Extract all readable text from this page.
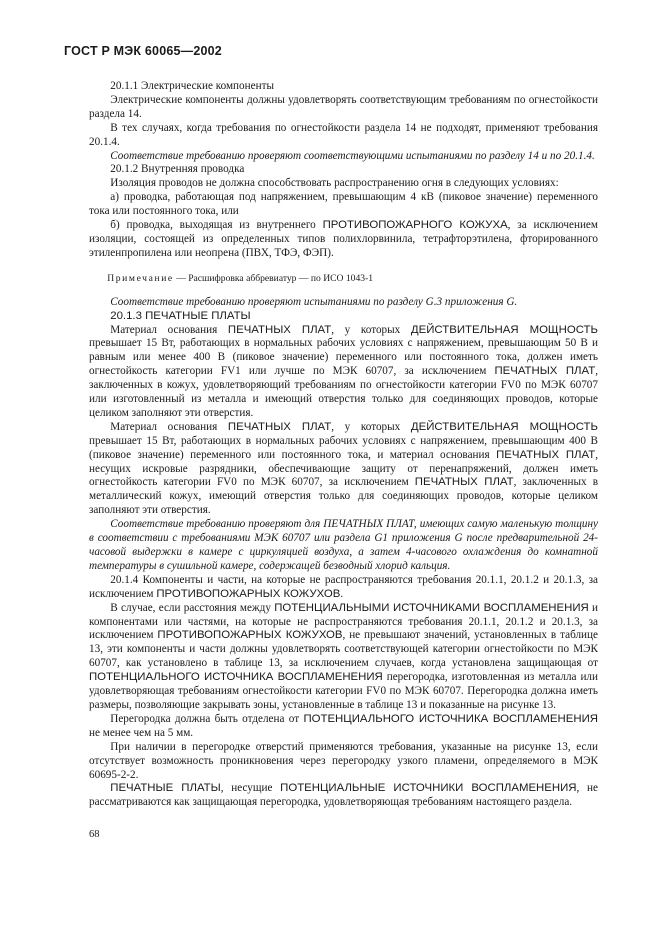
ГОСТ Р МЭК 60065—2002

20.1.1 Электрические компоненты

Электрические компоненты должны удовлетворять соответствующим требованиям по огнестойкости раздела 14.

В тех случаях, когда требования по огнестойкости раздела 14 не подходят, применяют требования 20.1.4.

Соответствие требованию проверяют соответствующими испытаниями по разделу 14 и по 20.1.4.

20.1.2 Внутренняя проводка

Изоляция проводов не должна способствовать распространению огня в следующих условиях:

а) проводка, работающая под напряжением, превышающим 4 кВ (пиковое значение) переменного тока или постоянного тока, или

б) проводка, выходящая из внутреннего ПРОТИВОПОЖАРНОГО КОЖУХА, за исключением изоляции, состоящей из определенных типов полихлорвинила, тетрафторэтилена, фторированного этиленпропилена или неопрена (ПВХ, ТФЭ, ФЭП).

Примечание — Расшифровка аббревиатур — по ИСО 1043-1

Соответствие требованию проверяют испытаниями по разделу G.3 приложения G.

20.1.3 ПЕЧАТНЫЕ ПЛАТЫ

Материал основания ПЕЧАТНЫХ ПЛАТ, у которых ДЕЙСТВИТЕЛЬНАЯ МОЩНОСТЬ превышает 15 Вт, работающих в нормальных рабочих условиях с напряжением, превышающим 50 В и равным или менее 400 В (пиковое значение) переменного или постоянного тока, должен иметь огнестойкость категории FV1 или лучше по МЭК 60707, за исключением ПЕЧАТНЫХ ПЛАТ, заключенных в кожух, удовлетворяющий требованиям по огнестойкости категории FV0 по МЭК 60707 или изготовленный из металла и имеющий отверстия только для соединяющих проводов, которые целиком заполняют эти отверстия.

Материал основания ПЕЧАТНЫХ ПЛАТ, у которых ДЕЙСТВИТЕЛЬНАЯ МОЩНОСТЬ превышает 15 Вт, работающих в нормальных рабочих условиях с напряжением, превышающим 400 В (пиковое значение) переменного или постоянного тока, и материал основания ПЕЧАТНЫХ ПЛАТ, несущих искровые разрядники, обеспечивающие защиту от перенапряжений, должен иметь огнестойкость категории FV0 по МЭК 60707, за исключением ПЕЧАТНЫХ ПЛАТ, заключенных в металлический кожух, имеющий отверстия только для соединяющих проводов, которые целиком заполняют эти отверстия.

Соответствие требованию проверяют для ПЕЧАТНЫХ ПЛАТ, имеющих самую маленькую толщину в соответствии с требованиями МЭК 60707 или раздела G1 приложения G после предварительной 24-часовой выдержки в камере с циркуляцией воздуха, а затем 4-часового охлаждения до комнатной температуры в сушильной камере, содержащей безводный хлорид кальция.

20.1.4 Компоненты и части, на которые не распространяются требования 20.1.1, 20.1.2 и 20.1.3, за исключением ПРОТИВОПОЖАРНЫХ КОЖУХОВ.

В случае, если расстояния между ПОТЕНЦИАЛЬНЫМИ ИСТОЧНИКАМИ ВОСПЛАМЕНЕНИЯ и компонентами или частями, на которые не распространяются требования 20.1.1, 20.1.2 и 20.1.3, за исключением ПРОТИВОПОЖАРНЫХ КОЖУХОВ, не превышают значений, установленных в таблице 13, эти компоненты и части должны удовлетворять соответствующей категории огнестойкости по МЭК 60707, как установлено в таблице 13, за исключением случаев, когда установлена защищающая от ПОТЕНЦИАЛЬНОГО ИСТОЧНИКА ВОСПЛАМЕНЕНИЯ перегородка, изготовленная из металла или удовлетворяющая требованиям огнестойкости категории FV0 по МЭК 60707. Перегородка должна иметь размеры, позволяющие закрывать зоны, установленные в таблице 13 и показанные на рисунке 13.

Перегородка должна быть отделена от ПОТЕНЦИАЛЬНОГО ИСТОЧНИКА ВОСПЛАМЕНЕНИЯ не менее чем на 5 мм.

При наличии в перегородке отверстий применяются требования, указанные на рисунке 13, если отсутствует возможность проникновения через перегородку узкого пламени, определяемого в МЭК 60695-2-2.

ПЕЧАТНЫЕ ПЛАТЫ, несущие ПОТЕНЦИАЛЬНЫЕ ИСТОЧНИКИ ВОСПЛАМЕНЕНИЯ, не рассматриваются как защищающая перегородка, удовлетворяющая требованиям настоящего раздела.

68
